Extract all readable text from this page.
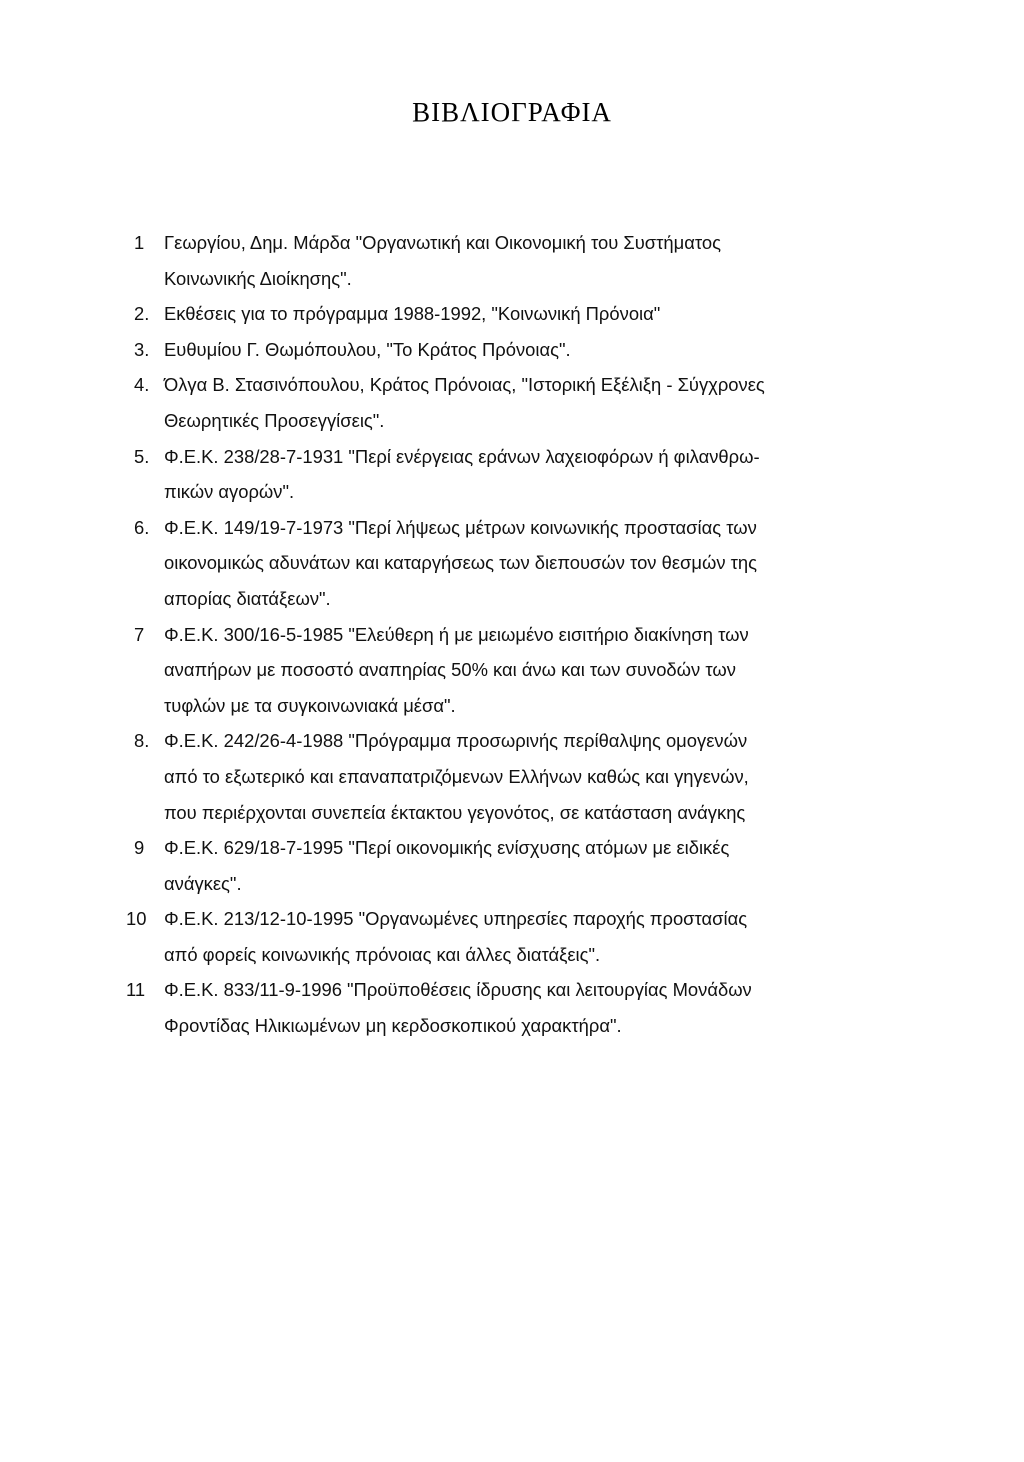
ΒΙΒΛΙΟΓΡΑΦΙΑ
1 Γεωργίου, Δημ. Μάρδα "Οργανωτική και Οικονομική του Συστήματος
Κοινωνικής Διοίκησης".
2. Εκθέσεις για το πρόγραμμα 1988-1992, "Κοινωνική Πρόνοια"
3. Ευθυμίου Γ. Θωμόπουλου, "Το Κράτος Πρόνοιας".
4. Όλγα Β. Στασινόπουλου, Κράτος Πρόνοιας, "Ιστορική Εξέλιξη - Σύγχρονες
Θεωρητικές Προσεγγίσεις".
5. Φ.Ε.Κ. 238/28-7-1931 "Περί ενέργειας εράνων λαχειοφόρων ή φιλανθρω-
πικών αγορών".
6. Φ.Ε.Κ. 149/19-7-1973 "Περί λήψεως μέτρων κοινωνικής προστασίας των
οικονομικώς αδυνάτων και καταργήσεως των διεπουσών τον θεσμών της
απορίας διατάξεων".
7 Φ.Ε.Κ. 300/16-5-1985 "Ελεύθερη ή με μειωμένο εισιτήριο διακίνηση των
αναπήρων με ποσοστό αναπηρίας 50% και άνω και των συνοδών των
τυφλών με τα συγκοινωνιακά μέσα".
8. Φ.Ε.Κ. 242/26-4-1988 "Πρόγραμμα προσωρινής περίθαλψης ομογενών
από το εξωτερικό και επαναπατριζόμενων Ελλήνων καθώς και γηγενών,
που περιέρχονται συνεπεία έκτακτου γεγονότος, σε κατάσταση ανάγκης
9 Φ.Ε.Κ. 629/18-7-1995 "Περί οικονομικής ενίσχυσης ατόμων με ειδικές
ανάγκες".
10 Φ.Ε.Κ. 213/12-10-1995 "Οργανωμένες υπηρεσίες παροχής προστασίας
από φορείς κοινωνικής πρόνοιας και άλλες διατάξεις".
11 Φ.Ε.Κ. 833/11-9-1996 "Προϋποθέσεις ίδρυσης και λειτουργίας Μονάδων
Φροντίδας Ηλικιωμένων μη κερδοσκοπικού χαρακτήρα".
